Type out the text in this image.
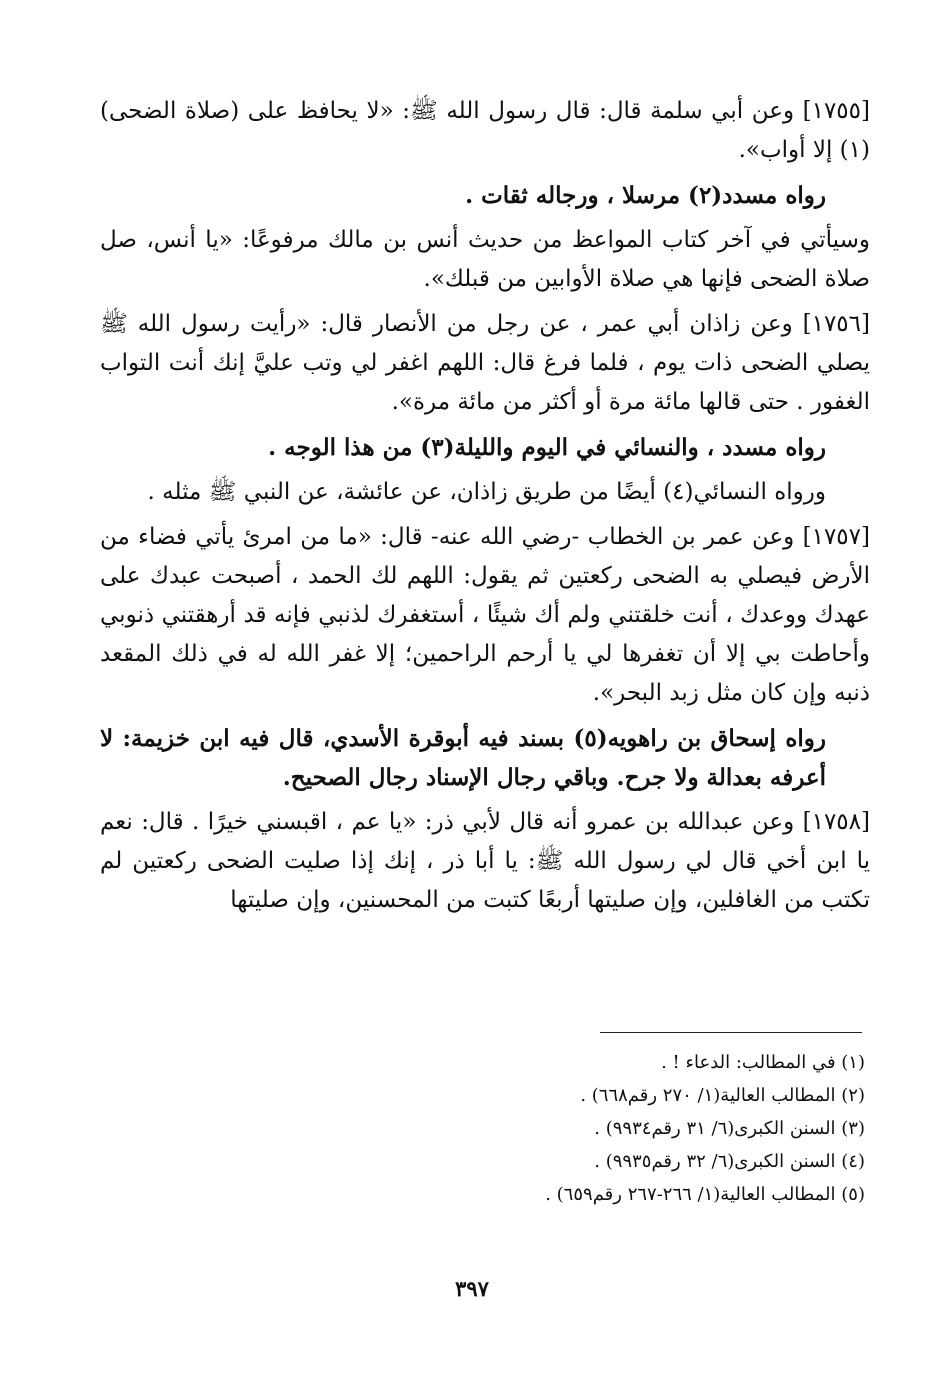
[١٧٥٥] وعن أبي سلمة قال: قال رسول الله ﷺ: «لا يحافظ على (صلاة الضحى)(١) إلا أواب».

رواه مسدد(٢) مرسلا ، ورجاله ثقات .

وسيأتي في آخر كتاب المواعظ من حديث أنس بن مالك مرفوعًا: «يا أنس، صل صلاة الضحى فإنها هي صلاة الأوابين من قبلك».

[١٧٥٦] وعن زاذان أبي عمر ، عن رجل من الأنصار قال: «رأيت رسول الله ﷺ يصلي الضحى ذات يوم ، فلما فرغ قال: اللهم اغفر لي وتب عليَّ إنك أنت التواب الغفور . حتى قالها مائة مرة أو أكثر من مائة مرة».

رواه مسدد ، والنسائي في اليوم والليلة(٣) من هذا الوجه .

ورواه النسائي(٤) أيضًا من طريق زاذان، عن عائشة، عن النبي ﷺ مثله .

[١٧٥٧] وعن عمر بن الخطاب -رضي الله عنه- قال: «ما من امرئ يأتي فضاء من الأرض فيصلي به الضحى ركعتين ثم يقول: اللهم لك الحمد ، أصبحت عبدك على عهدك ووعدك ، أنت خلقتني ولم أك شيئًا ، أستغفرك لذنبي فإنه قد أرهقتني ذنوبي وأحاطت بي إلا أن تغفرها لي يا أرحم الراحمين؛ إلا غفر الله له في ذلك المقعد ذنبه وإن كان مثل زبد البحر».

رواه إسحاق بن راهويه(٥) بسند فيه أبوقرة الأسدي، قال فيه ابن خزيمة: لا أعرفه بعدالة ولا جرح. وباقي رجال الإسناد رجال الصحيح.

[١٧٥٨] وعن عبدالله بن عمرو أنه قال لأبي ذر: «يا عم ، اقبسني خيرًا . قال: نعم يا ابن أخي قال لي رسول الله ﷺ: يا أبا ذر ، إنك إذا صليت الضحى ركعتين لم تكتب من الغافلين، وإن صليتها أربعًا كتبت من المحسنين، وإن صليتها

(١) في المطالب: الدعاء ! .

(٢) المطالب العالية(١/ ٢٧٠ رقم٦٦٨) .

(٣) السنن الكبرى(٦/ ٣١ رقم٩٩٣٤) .

(٤) السنن الكبرى(٦/ ٣٢ رقم٩٩٣٥) .

(٥) المطالب العالية(١/ ٢٦٦-٢٦٧ رقم٦٥٩) .

٣٩٧
